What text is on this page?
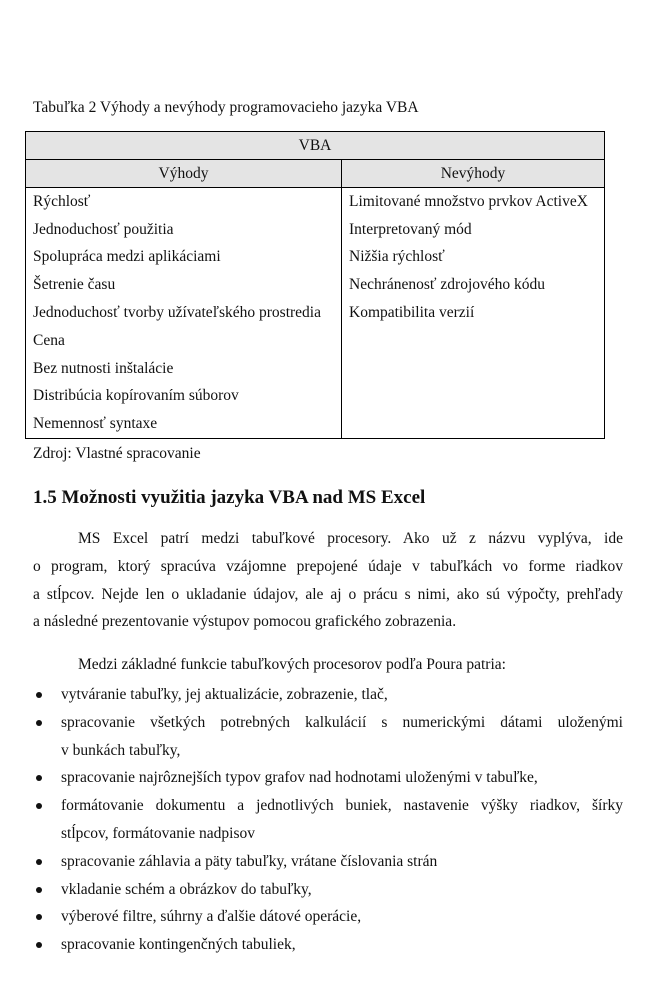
Tabuľka 2 Výhody a nevýhody programovacieho jazyka VBA
VBA	
Výhody	Nevýhody
Rýchlosť	Limitované množstvo prvkov ActiveX
Jednoduchosť použitia	Interpretovaný mód
Spolupráca medzi aplikáciami	Nižšia rýchlosť
Šetrenie času	Nechránenosť zdrojového kódu
Jednoduchosť tvorby užívateľského prostredia	Kompatibilita verzií
Cena	
Bez nutnosti inštalácie	
Distribúcia kopírovaním súborov	
Nemennosť syntaxe	
Zdroj: Vlastné spracovanie
1.5 Možnosti využitia jazyka VBA nad MS Excel

MS Excel patrí medzi tabuľkové procesory. Ako už z názvu vyplýva, ide
o program, ktorý spracúva vzájomne prepojené údaje v tabuľkách vo forme riadkov
a stĺpcov. Nejde len o ukladanie údajov, ale aj o prácu s nimi, ako sú výpočty, prehľady
a následné prezentovanie výstupov pomocou grafického zobrazenia.

Medzi základné funkcie tabuľkových procesorov podľa Poura patria:
vytváranie tabuľky, jej aktualizácie, zobrazenie, tlač,
spracovanie všetkých potrebných kalkulácií s numerickými dátami uloženými
v bunkách tabuľky,
spracovanie najrôznejších typov grafov nad hodnotami uloženými v tabuľke,
formátovanie dokumentu a jednotlivých buniek, nastavenie výšky riadkov, šírky
stĺpcov, formátovanie nadpisov
spracovanie záhlavia a päty tabuľky, vrátane číslovania strán
vkladanie schém a obrázkov do tabuľky,
výberové filtre, súhrny a ďalšie dátové operácie,
spracovanie kontingenčných tabuliek,
